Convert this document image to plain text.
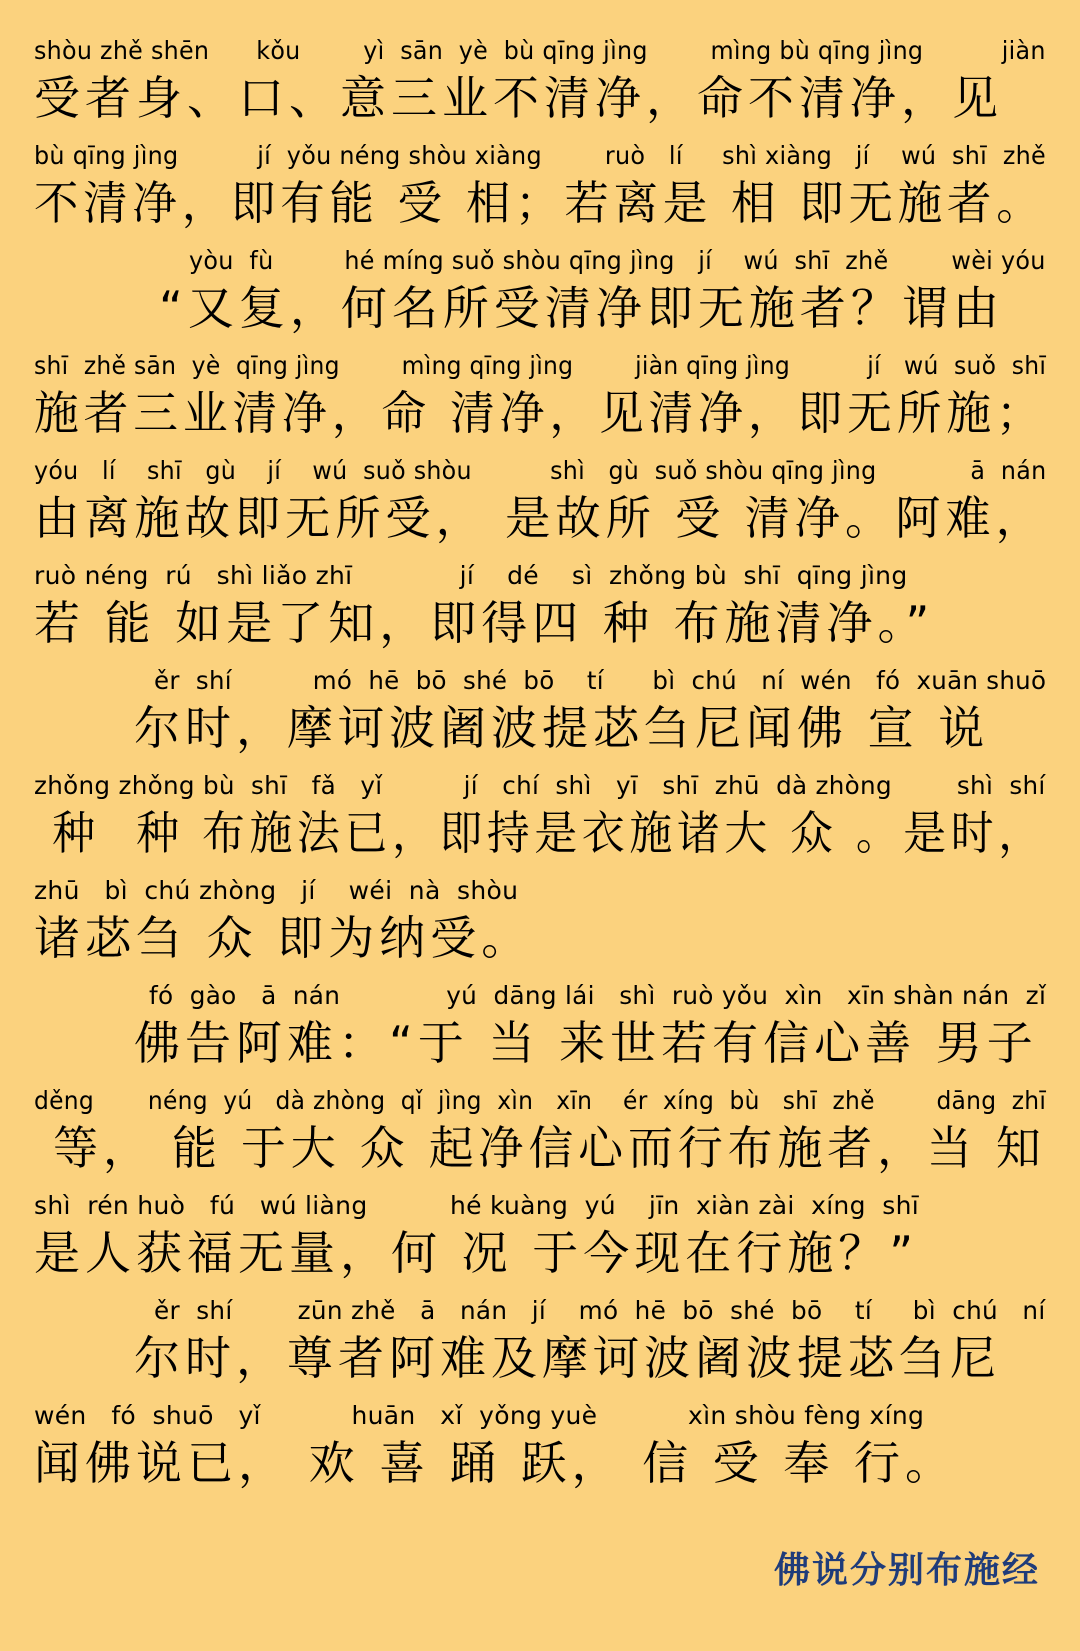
shòu zhě shēn      kǒu        yì  sān  yè  bù qīng jìng        mìng bù qīng jìng          jiàn
受者身、口、意三业不清净，命不清净，见
bù qīng jìng          jí  yǒu néng shòu xiàng        ruò   lí     shì xiàng   jí    wú  shī  zhě
不清净，即有能 受 相；若离是 相 即无施者。
yòu  fù         hé míng suǒ shòu qīng jìng   jí    wú  shī  zhě        wèi yóu
“又复，何名所受清净即无施者？谓由
shī  zhě sān  yè  qīng jìng        mìng qīng jìng        jiàn qīng jìng          jí   wú  suǒ  shī
施者三业清净，命 清净，见清净，即无所施；
yóu   lí    shī   gù    jí    wú  suǒ shòu          shì   gù  suǒ shòu qīng jìng            ā  nán
由离施故即无所受， 是故所 受 清净。阿难，
ruò néng  rú   shì liǎo zhī             jí    dé    sì  zhǒng bù  shī  qīng jìng
若 能 如是了知，即得四 种 布施清净。”
ěr  shí          mó  hē  bō  shé  bō    tí      bì  chú   ní  wén   fó  xuān shuō
尔时，摩诃波阇波提苾刍尼闻佛 宣 说
zhǒng zhǒng bù  shī   fǎ   yǐ          jí   chí  shì   yī   shī  zhū  dà zhòng        shì  shí
种  种 布施法已，即持是衣施诸大 众 。是时，
zhū   bì  chú zhòng   jí    wéi  nà  shòu
诸苾刍 众 即为纳受。
fó  gào   ā  nán             yú  dāng lái   shì  ruò yǒu  xìn   xīn shàn nán  zǐ
佛告阿难：“于 当 来世若有信心善 男子
děng       néng  yú   dà zhòng  qǐ  jìng  xìn   xīn    ér  xíng  bù   shī  zhě        dāng  zhī
等， 能 于大 众 起净信心而行布施者，当 知
shì  rén huò   fú   wú liàng          hé kuàng  yú    jīn  xiàn zài  xíng  shī
是人获福无量，何 况 于今现在行施？”
ěr  shí        zūn zhě   ā   nán   jí    mó  hē  bō  shé  bō    tí     bì  chú   ní
尔时，尊者阿难及摩诃波阇波提苾刍尼
wén   fó  shuō   yǐ           huān   xǐ  yǒng yuè           xìn shòu fèng xíng
闻佛说已， 欢 喜 踊 跃， 信 受 奉 行。
佛说分别布施经
